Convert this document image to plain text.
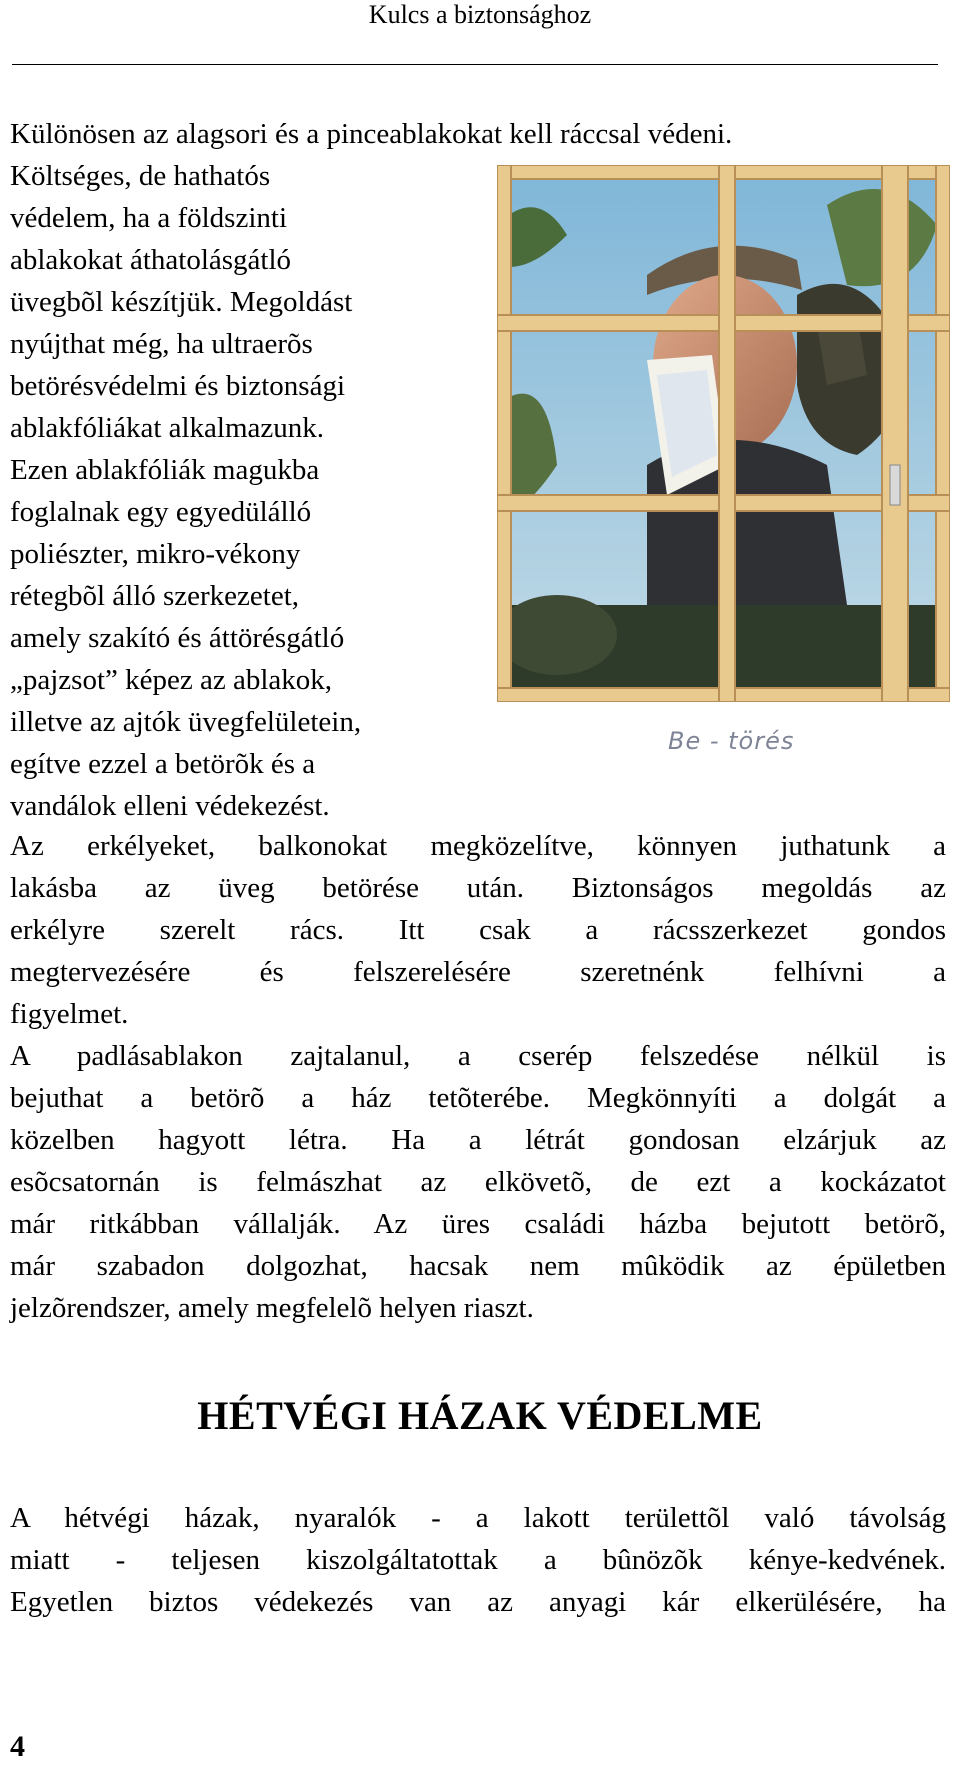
Kulcs a biztonsághoz

Különösen az alagsori és a pinceablakokat kell ráccsal védeni.

Költséges, de hathatós
védelem, ha a földszinti
ablakokat áthatolásgátló
üvegbõl készítjük. Megoldást
nyújthat még, ha ultraerõs
betörésvédelmi és biztonsági
ablakfóliákat alkalmazunk.
Ezen ablakfóliák magukba
foglalnak egy egyedülálló
poliészter, mikro-vékony
rétegbõl álló szerkezetet,
amely szakító és áttörésgátló
„pajzsot” képez az ablakok,
illetve az ajtók üvegfelületein,
egítve ezzel a betörõk és a
vandálok elleni védekezést.

Be - törés

Az erkélyeket, balkonokat megközelítve, könnyen juthatunk a
lakásba az üveg betörése után. Biztonságos megoldás az
erkélyre szerelt rács. Itt csak a rácsszerkezet gondos
megtervezésére és felszerelésére szeretnénk felhívni a
figyelmet.

A padlásablakon zajtalanul, a cserép felszedése nélkül is
bejuthat a betörõ a ház tetõterébe. Megkönnyíti a dolgát a
közelben hagyott létra. Ha a létrát gondosan elzárjuk az
esõcsatornán is felmászhat az elkövetõ, de ezt a kockázatot
már ritkábban vállalják. Az üres családi házba bejutott betörõ,
már szabadon dolgozhat, hacsak nem mûködik az épületben
jelzõrendszer, amely megfelelõ helyen riaszt.

HÉTVÉGI HÁZAK VÉDELME

A hétvégi házak, nyaralók - a lakott területtõl való távolság
miatt - teljesen kiszolgáltatottak a bûnözõk kénye-kedvének.
Egyetlen biztos védekezés van az anyagi kár elkerülésére, ha

4
